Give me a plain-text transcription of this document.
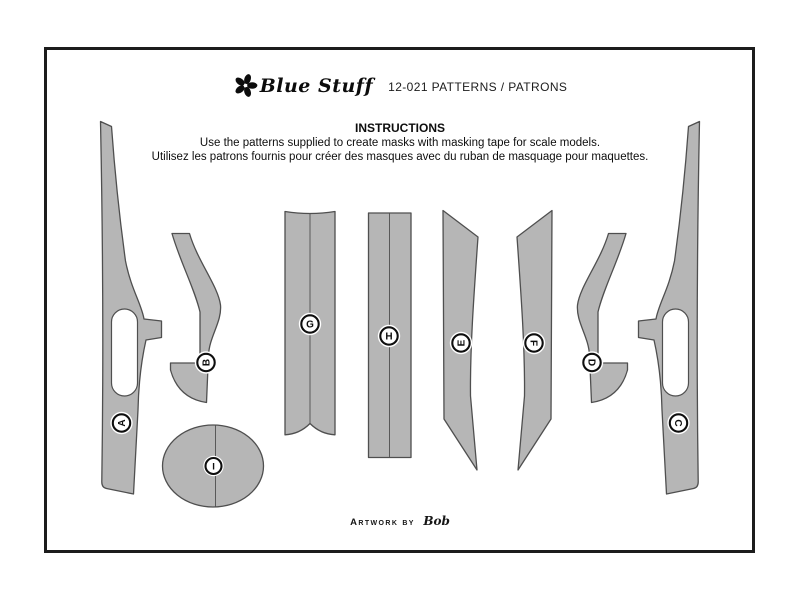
A
B
C
D
E	F
G
H
I
Blue Stuff 12-021 PATTERNS / PATRONS
INSTRUCTIONS
Use the patterns supplied to create masks with masking tape for scale models.
Utilisez les patrons fournis pour créer des masques avec du ruban de masquage pour maquettes.
Artwork by Bob
